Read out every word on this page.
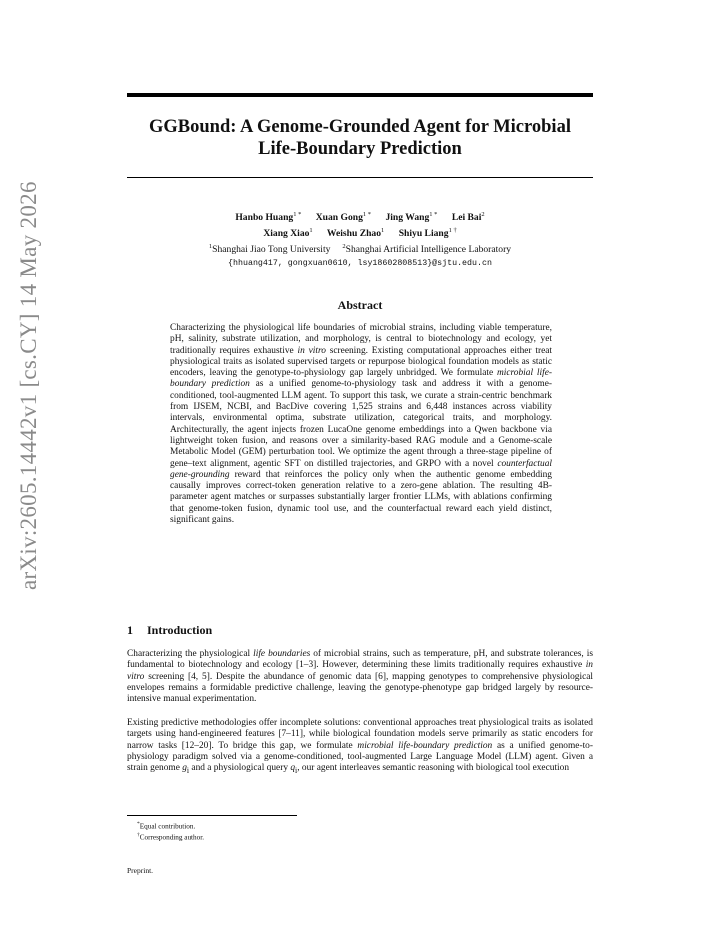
arXiv:2605.14442v1 [cs.CY] 14 May 2026
GGBound: A Genome-Grounded Agent for Microbial
Life-Boundary Prediction
Hanbo Huang$^{1 *}$ Xuan Gong$^{1 *}$ Jing Wang$^{1 *}$ Lei Bai$^2$
Xiang Xiao$^1$ Weishu Zhao$^1$ Shiyu Liang$^{1 \dagger}$
$^1$Shanghai Jiao Tong University $^2$Shanghai Artificial Intelligence Laboratory
{hhuang417, gongxuan0610, lsy18602808513}@sjtu.edu.cn
Abstract
Characterizing the physiological life boundaries of microbial strains, including viable temperature, pH, salinity, substrate utilization, and morphology, is central to biotechnology and ecology, yet traditionally requires exhaustive in vitro screening. Existing computational approaches either treat physiological traits as isolated supervised targets or repurpose biological foundation models as static encoders, leaving the genotype-to-physiology gap largely unbridged. We formulate microbial life-boundary prediction as a unified genome-to-physiology task and address it with a genome-conditioned, tool-augmented LLM agent. To support this task, we curate a strain-centric benchmark from IJSEM, NCBI, and BacDive covering 1,525 strains and 6,448 instances across viability intervals, environmental optima, substrate utilization, categorical traits, and morphology. Architecturally, the agent injects frozen LucaOne genome embeddings into a Qwen backbone via lightweight token fusion, and reasons over a similarity-based RAG module and a Genome-scale Metabolic Model (GEM) perturbation tool. We optimize the agent through a three-stage pipeline of gene–text alignment, agentic SFT on distilled trajectories, and GRPO with a novel counterfactual gene-grounding reward that reinforces the policy only when the authentic genome embedding causally improves correct-token generation relative to a zero-gene ablation. The resulting 4B-parameter agent matches or surpasses substantially larger frontier LLMs, with ablations confirming that genome-token fusion, dynamic tool use, and the counterfactual reward each yield distinct, significant gains.
1 Introduction
Characterizing the physiological life boundaries of microbial strains, such as temperature, pH, and substrate tolerances, is fundamental to biotechnology and ecology [1–3]. However, determining these limits traditionally requires exhaustive in vitro screening [4, 5]. Despite the abundance of genomic data [6], mapping genotypes to comprehensive physiological envelopes remains a formidable predictive challenge, leaving the genotype-phenotype gap bridged largely by resource-intensive manual experimentation.
Existing predictive methodologies offer incomplete solutions: conventional approaches treat physiological traits as isolated targets using hand-engineered features [7–11], while biological foundation models serve primarily as static encoders for narrow tasks [12–20]. To bridge this gap, we formulate microbial life-boundary prediction as a unified genome-to-physiology paradigm solved via a genome-conditioned, tool-augmented Large Language Model (LLM) agent. Given a strain genome $g_i$ and a physiological query $q_i$, our agent interleaves semantic reasoning with biological tool execution
*Equal contribution.
†Corresponding author.
Preprint.
